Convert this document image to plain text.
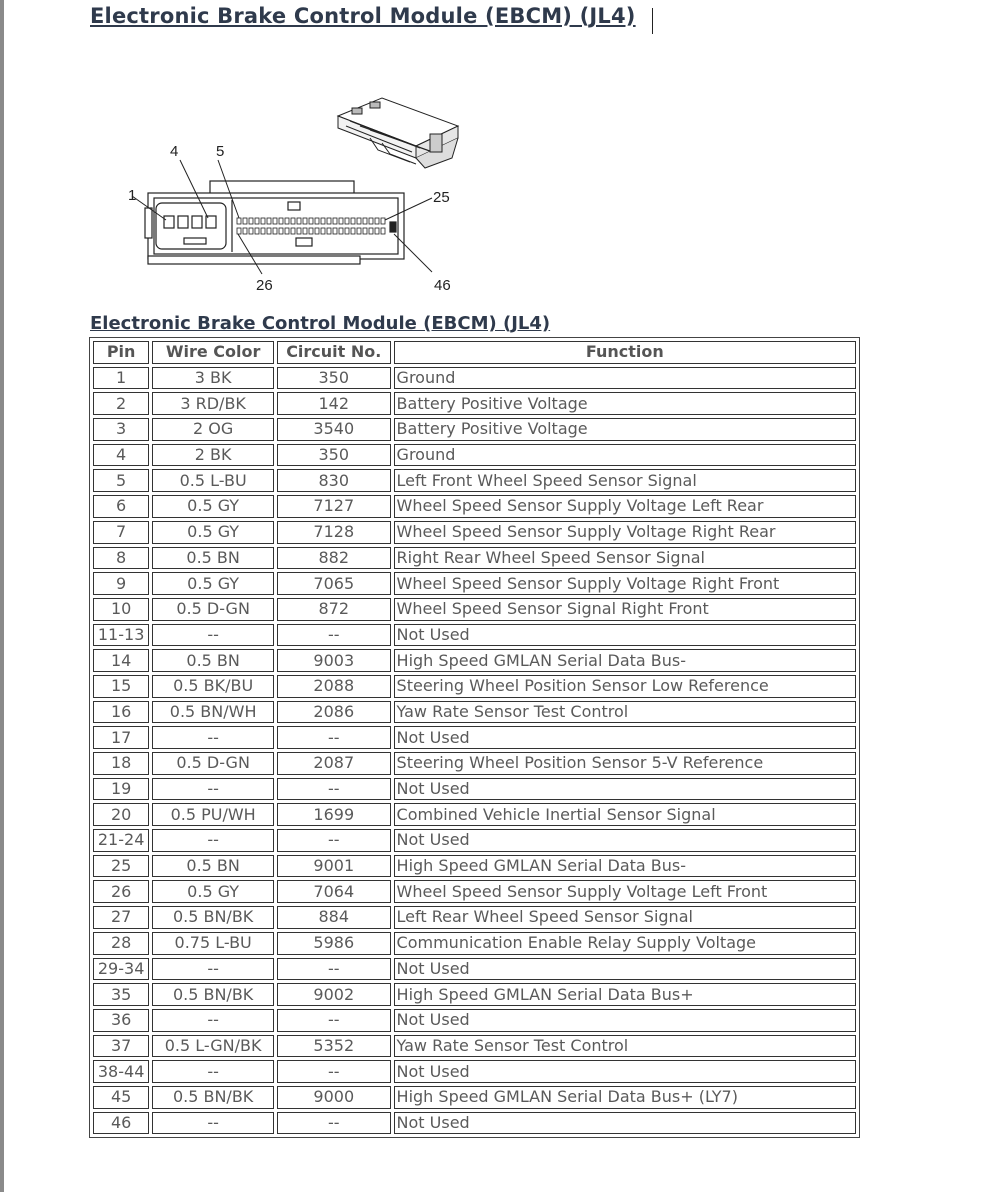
Electronic Brake Control Module (EBCM) (JL4)
1
4	5
25
26	46
Electronic Brake Control Module (EBCM) (JL4)
Pin	Wire Color	Circuit No.	Function
1	3 BK	350	Ground
2	3 RD/BK	142	Battery Positive Voltage
3	2 OG	3540	Battery Positive Voltage
4	2 BK	350	Ground
5	0.5 L-BU	830	Left Front Wheel Speed Sensor Signal
6	0.5 GY	7127	Wheel Speed Sensor Supply Voltage Left Rear
7	0.5 GY	7128	Wheel Speed Sensor Supply Voltage Right Rear
8	0.5 BN	882	Right Rear Wheel Speed Sensor Signal
9	0.5 GY	7065	Wheel Speed Sensor Supply Voltage Right Front
10	0.5 D-GN	872	Wheel Speed Sensor Signal Right Front
11-13	--	--	Not Used
14	0.5 BN	9003	High Speed GMLAN Serial Data Bus-
15	0.5 BK/BU	2088	Steering Wheel Position Sensor Low Reference
16	0.5 BN/WH	2086	Yaw Rate Sensor Test Control
17	--	--	Not Used
18	0.5 D-GN	2087	Steering Wheel Position Sensor 5-V Reference
19	--	--	Not Used
20	0.5 PU/WH	1699	Combined Vehicle Inertial Sensor Signal
21-24	--	--	Not Used
25	0.5 BN	9001	High Speed GMLAN Serial Data Bus-
26	0.5 GY	7064	Wheel Speed Sensor Supply Voltage Left Front
27	0.5 BN/BK	884	Left Rear Wheel Speed Sensor Signal
28	0.75 L-BU	5986	Communication Enable Relay Supply Voltage
29-34	--	--	Not Used
35	0.5 BN/BK	9002	High Speed GMLAN Serial Data Bus+
36	--	--	Not Used
37	0.5 L-GN/BK	5352	Yaw Rate Sensor Test Control
38-44	--	--	Not Used
45	0.5 BN/BK	9000	High Speed GMLAN Serial Data Bus+ (LY7)
46	--	--	Not Used
